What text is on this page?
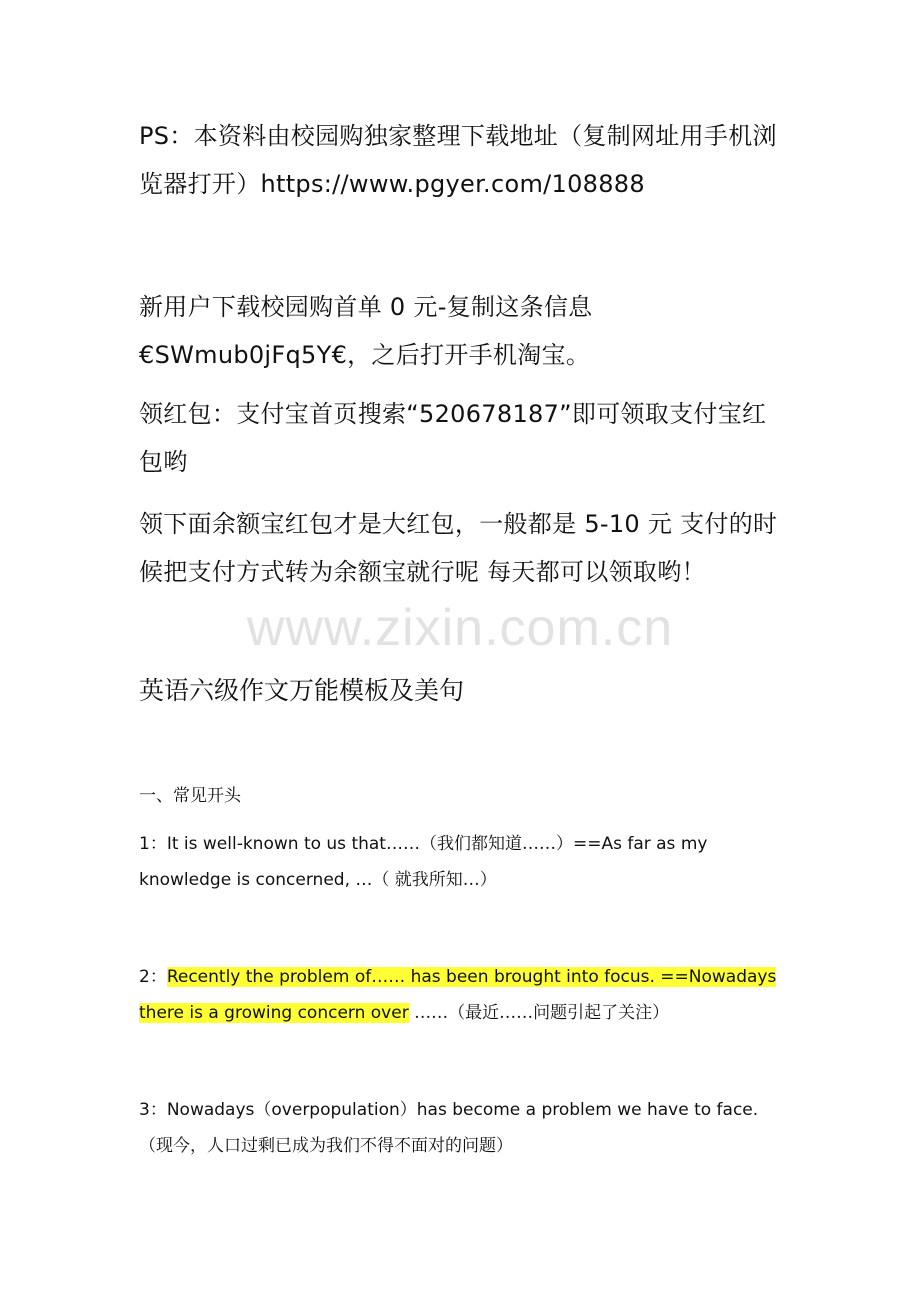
PS：本资料由校园购独家整理下载地址（复制网址用手机浏览器打开）https://www.pgyer.com/108888

新用户下载校园购首单 0 元-复制这条信息€SWmub0jFq5Y€，之后打开手机淘宝。

领红包：支付宝首页搜索“520678187”即可领取支付宝红包哟

领下面余额宝红包才是大红包，一般都是 5-10 元 支付的时候把支付方式转为余额宝就行呢 每天都可以领取哟！

www.zixin.com.cn
英语六级作文万能模板及美句

一、常见开头

1：It is well-known to us that……（我们都知道……）==As far as my knowledge is concerned, …（ 就我所知…）

2：Recently the problem of…… has been brought into focus. ==Nowadays there is a growing concern over ……（最近……问题引起了关注）

3：Nowadays（overpopulation）has become a problem we have to face.（现今，人口过剩已成为我们不得不面对的问题）
